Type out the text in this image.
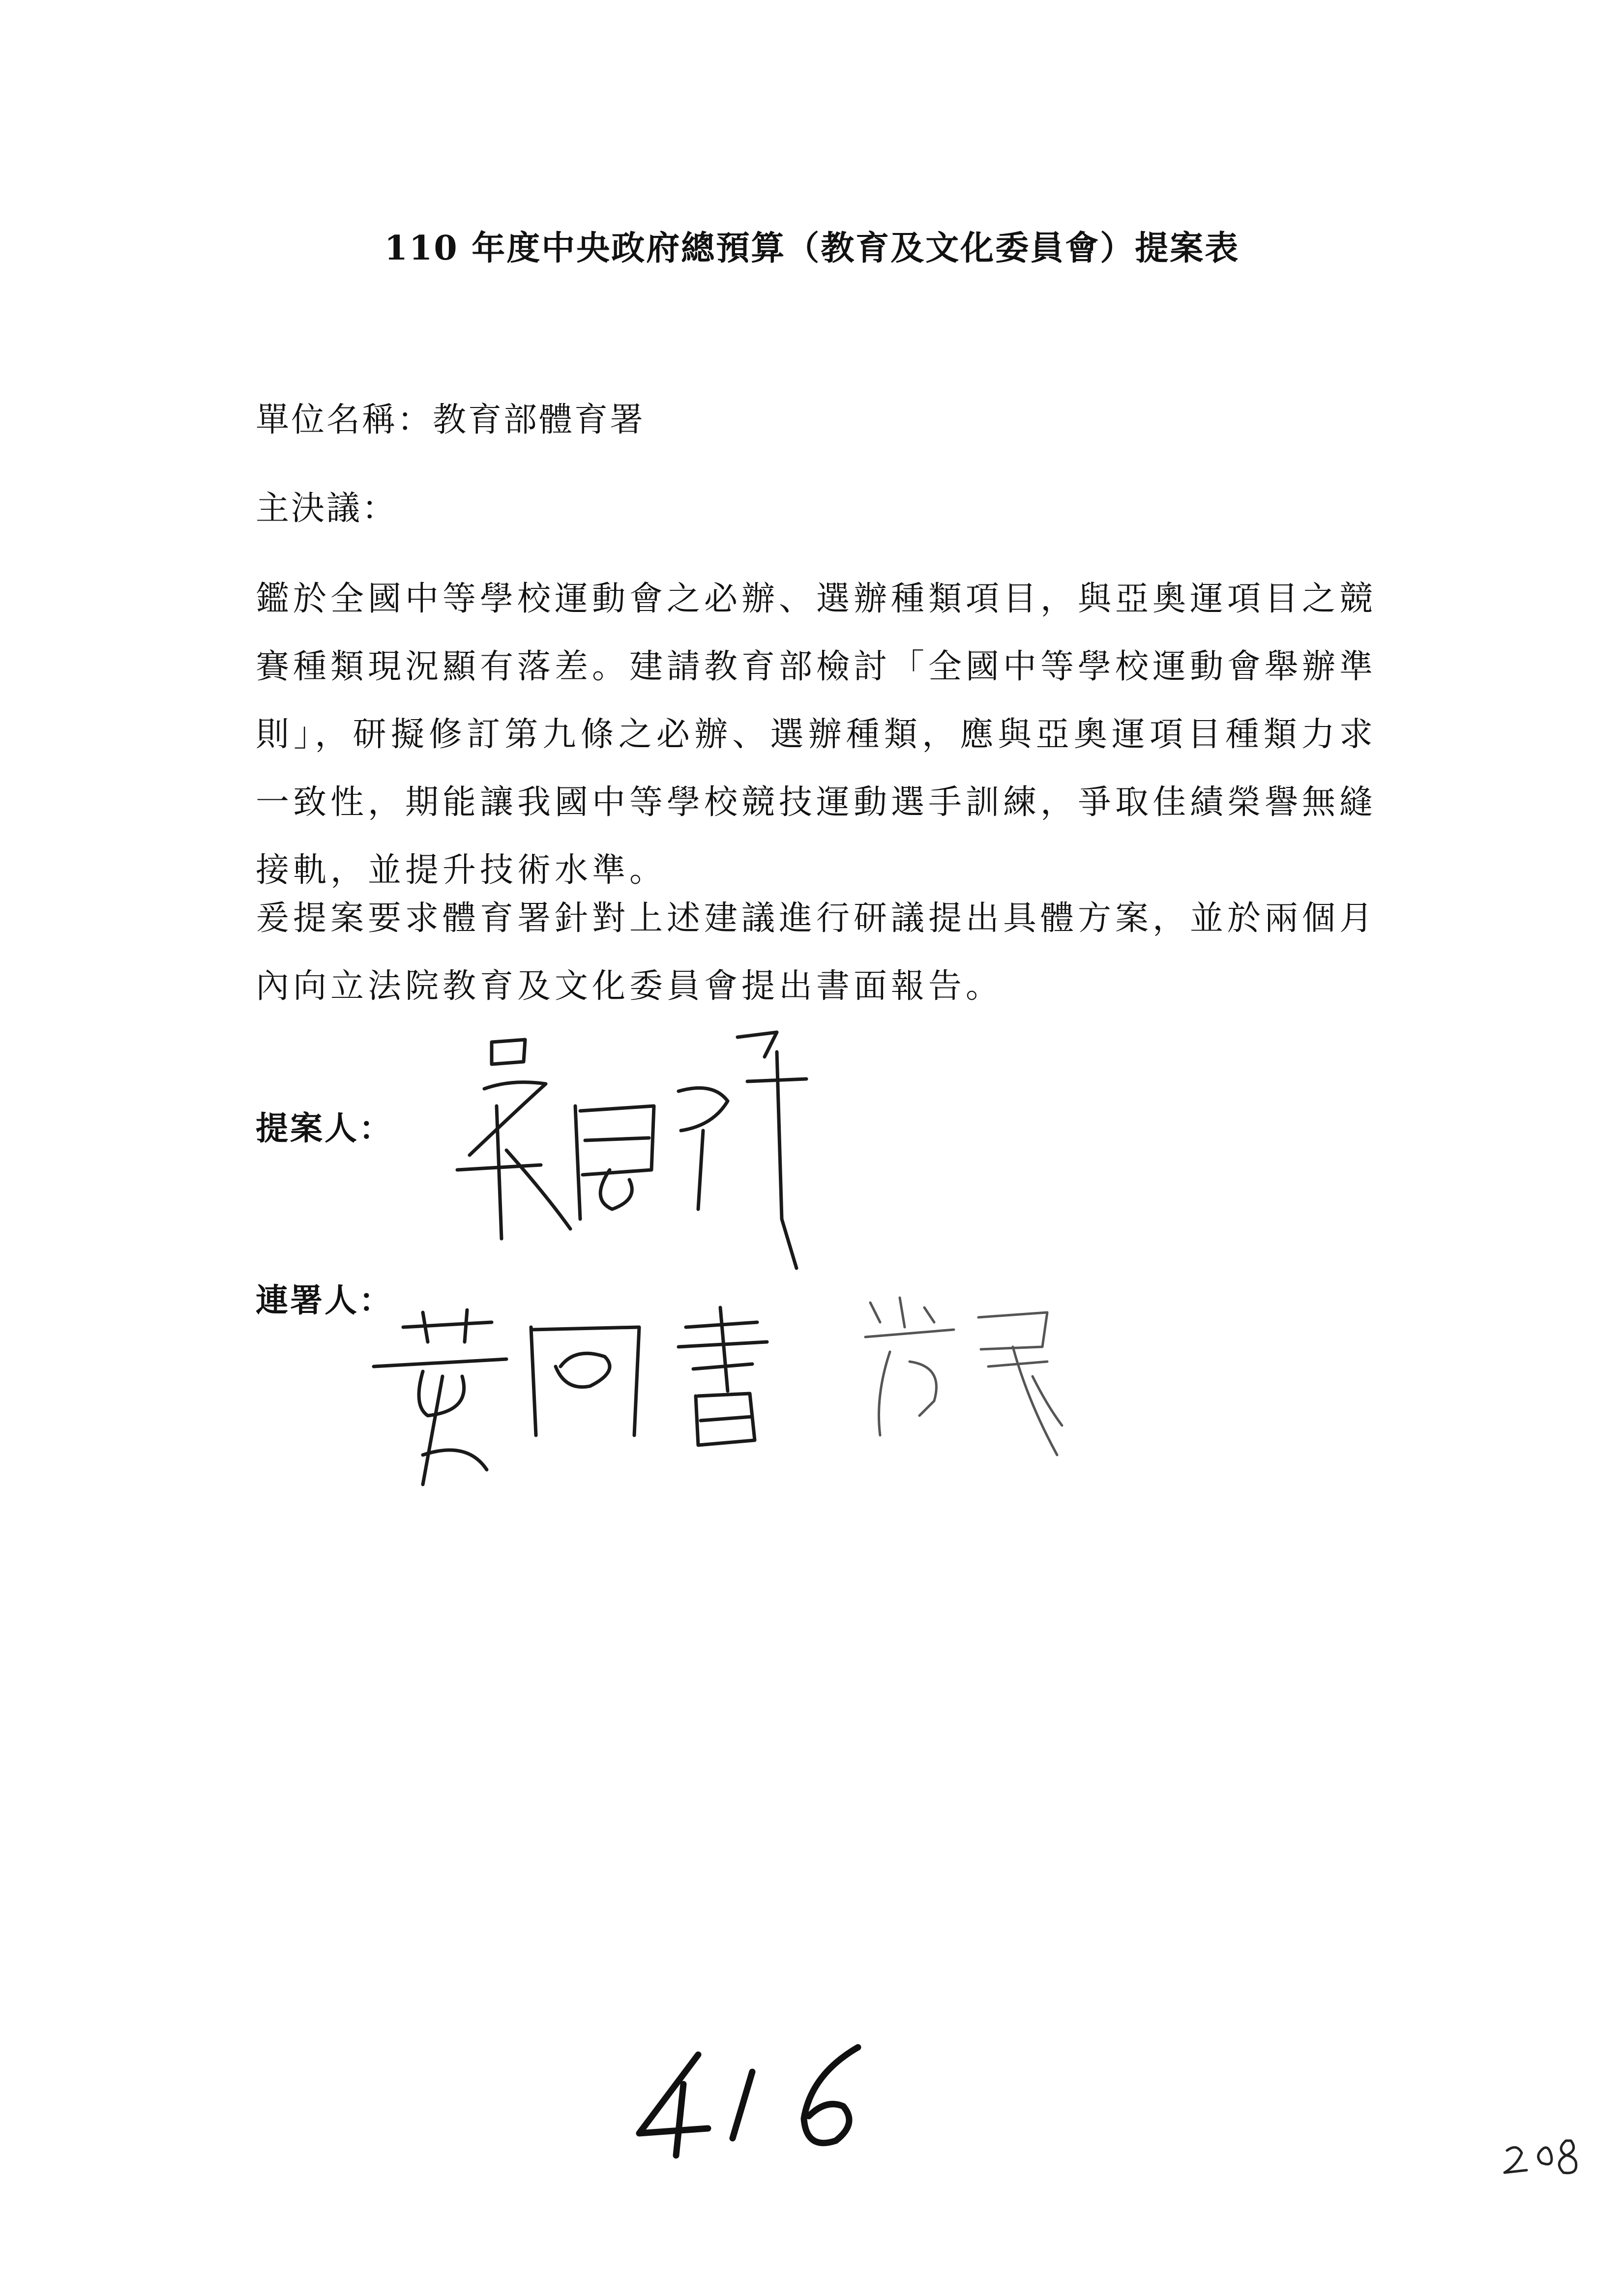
110 年度中央政府總預算（教育及文化委員會）提案表
單位名稱：教育部體育署
主決議：
鑑於全國中等學校運動會之必辦、選辦種類項目，與亞奧運項目之競賽種類現況顯有落差。建請教育部檢討「全國中等學校運動會舉辦準則」，研擬修訂第九條之必辦、選辦種類，應與亞奧運項目種類力求一致性，期能讓我國中等學校競技運動選手訓練，爭取佳績榮譽無縫接軌，並提升技術水準。
爰提案要求體育署針對上述建議進行研議提出具體方案，並於兩個月內向立法院教育及文化委員會提出書面報告。
提案人：
連署人：
